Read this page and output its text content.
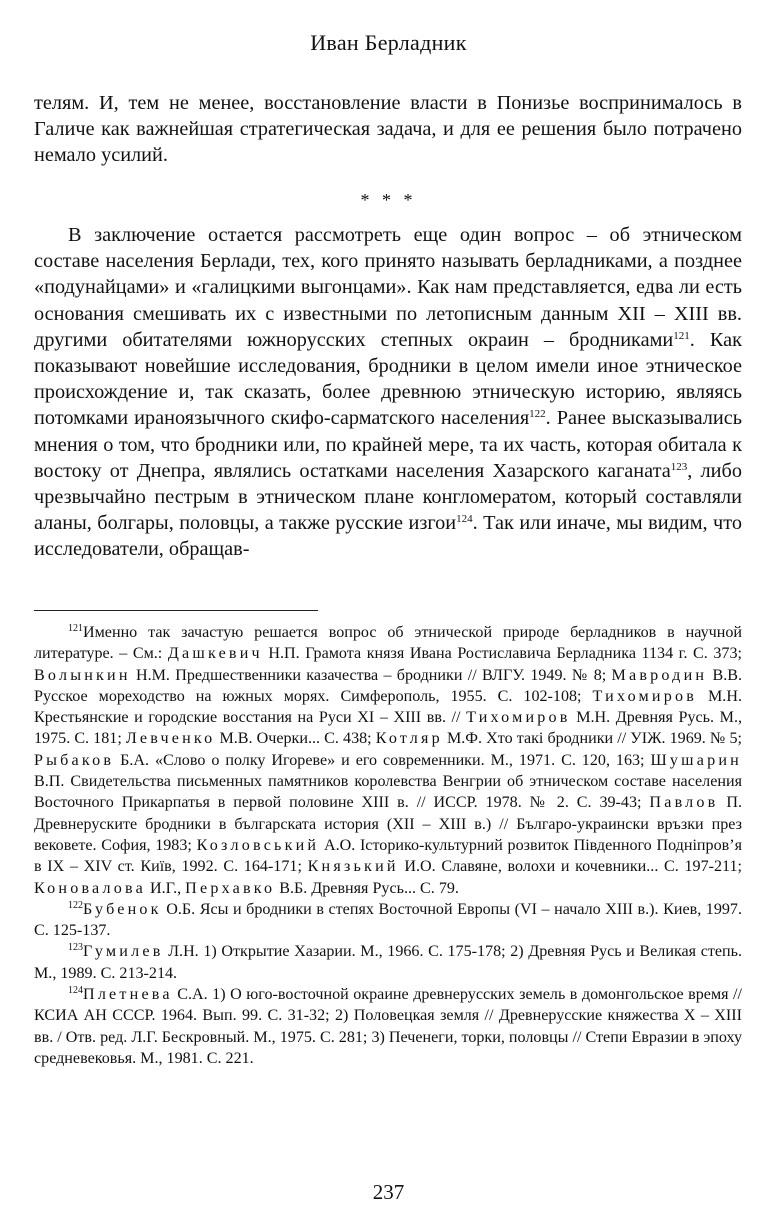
Иван Берладник

телям. И, тем не менее, восстановление власти в Понизье воспринималось в Галиче как важнейшая стратегическая задача, и для ее решения было потрачено немало усилий.

* * *

В заключение остается рассмотреть еще один вопрос – об этническом составе населения Берлади, тех, кого принято называть берладниками, а позднее «подунайцами» и «галицкими выгонцами». Как нам представляется, едва ли есть основания смешивать их с известными по летописным данным XII – XIII вв. другими обитателями южнорусских степных окраин – бродниками$^{121}$. Как показывают новейшие исследования, бродники в целом имели иное этническое происхождение и, так сказать, более древнюю этническую историю, являясь потомками ираноязычного скифо-сарматского населения$^{122}$. Ранее высказывались мнения о том, что бродники или, по крайней мере, та их часть, которая обитала к востоку от Днепра, являлись остатками населения Хазарского каганата$^{123}$, либо чрезвычайно пестрым в этническом плане конгломератом, который составляли аланы, болгары, половцы, а также русские изгои$^{124}$. Так или иначе, мы видим, что исследователи, обращав-

$^{121}$Именно так зачастую решается вопрос об этнической природе берладников в научной литературе. – См.: Дашкевич Н.П. Грамота князя Ивана Ростиславича Берладника 1134 г. С. 373; Волынкин Н.М. Предшественники казачества – бродники // ВЛГУ. 1949. № 8; Мавродин В.В. Русское мореходство на южных морях. Симферополь, 1955. С. 102-108; Тихомиров М.Н. Крестьянские и городские восстания на Руси XI – XIII вв. // Тихомиров М.Н. Древняя Русь. М., 1975. С. 181; Левченко М.В. Очерки... С. 438; Котляр М.Ф. Хто такі бродники // УІЖ. 1969. № 5; Рыбаков Б.А. «Слово о полку Игореве» и его современники. М., 1971. С. 120, 163; Шушарин В.П. Свидетельства письменных памятников королевства Венгрии об этническом составе населения Восточного Прикарпатья в первой половине XIII в. // ИССР. 1978. № 2. С. 39-43; Павлов П. Древнеруските бродники в българската история (XII – XIII в.) // Българо-украински връзки през вековете. София, 1983; Козловський А.О. Історико-культурний розвиток Південного Подніпров’я в IX – XIV ст. Київ, 1992. С. 164-171; Князький И.О. Славяне, волохи и кочевники... С. 197-211; Коновалова И.Г., Перхавко В.Б. Древняя Русь... С. 79.

$^{122}$Бубенок О.Б. Ясы и бродники в степях Восточной Европы (VI – начало XIII в.). Киев, 1997. С. 125-137.

$^{123}$Гумилев Л.Н. 1) Открытие Хазарии. М., 1966. С. 175-178; 2) Древняя Русь и Великая степь. М., 1989. С. 213-214.

$^{124}$Плетнева С.А. 1) О юго-восточной окраине древнерусских земель в домонгольское время // КСИА АН СССР. 1964. Вып. 99. С. 31-32; 2) Половецкая земля // Древнерусские княжества X – XIII вв. / Отв. ред. Л.Г. Бескровный. М., 1975. С. 281; 3) Печенеги, торки, половцы // Степи Евразии в эпоху средневековья. М., 1981. С. 221.

237
